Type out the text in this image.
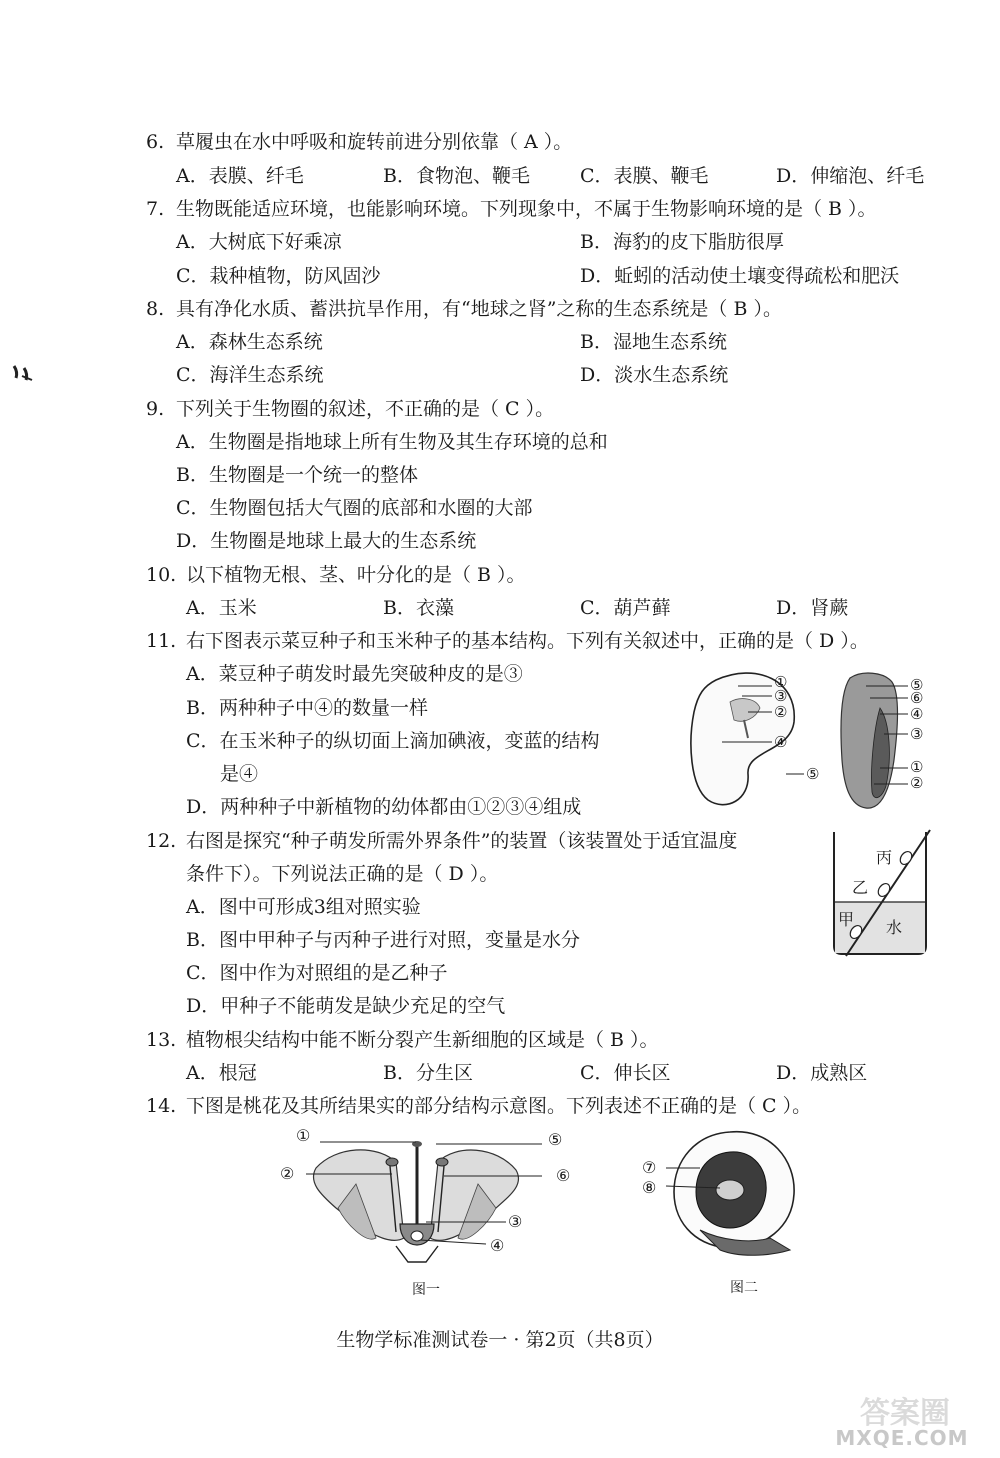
6. 草履虫在水中呼吸和旋转前进分别依靠（ A ）。
A．表膜、纤毛	B．食物泡、鞭毛	C．表膜、鞭毛	D．伸缩泡、纤毛
7. 生物既能适应环境，也能影响环境。下列现象中，不属于生物影响环境的是（ B ）。
A．大树底下好乘凉	B．海豹的皮下脂肪很厚
C．栽种植物，防风固沙	D．蚯蚓的活动使土壤变得疏松和肥沃
8. 具有净化水质、蓄洪抗旱作用，有“地球之肾”之称的生态系统是（ B ）。
A．森林生态系统	B．湿地生态系统
C．海洋生态系统	D．淡水生态系统
9. 下列关于生物圈的叙述，不正确的是（ C ）。
A．生物圈是指地球上所有生物及其生存环境的总和
B．生物圈是一个统一的整体
C．生物圈包括大气圈的底部和水圈的大部
D．生物圈是地球上最大的生态系统
10. 以下植物无根、茎、叶分化的是（ B ）。
A．玉米	B．衣藻	C．葫芦藓	D．肾蕨
11. 右下图表示菜豆种子和玉米种子的基本结构。下列有关叙述中，正确的是（ D ）。
A．菜豆种子萌发时最先突破种皮的是③
B．两种种子中④的数量一样
C．在玉米种子的纵切面上滴加碘液，变蓝的结构
是④
D．两种种子中新植物的幼体都由①②③④组成
①
③
②
④
⑤
⑤
⑥
④
③
①
②
12. 右图是探究“种子萌发所需外界条件”的装置（该装置处于适宜温度
条件下）。下列说法正确的是（ D ）。
A．图中可形成3组对照实验
B．图中甲种子与丙种子进行对照，变量是水分
C．图中作为对照组的是乙种子
D．甲种子不能萌发是缺少充足的空气
丙
乙
甲 水
13. 植物根尖结构中能不断分裂产生新细胞的区域是（ B ）。
A．根冠	B．分生区	C．伸长区	D．成熟区
14. 下图是桃花及其所结果实的部分结构示意图。下列表述不正确的是（ C ）。
①
②
③
④
⑤
⑥
图一
⑦
⑧
图二
生物学标准测试卷一 · 第2页（共8页）
答案圈
MXQE.COM
